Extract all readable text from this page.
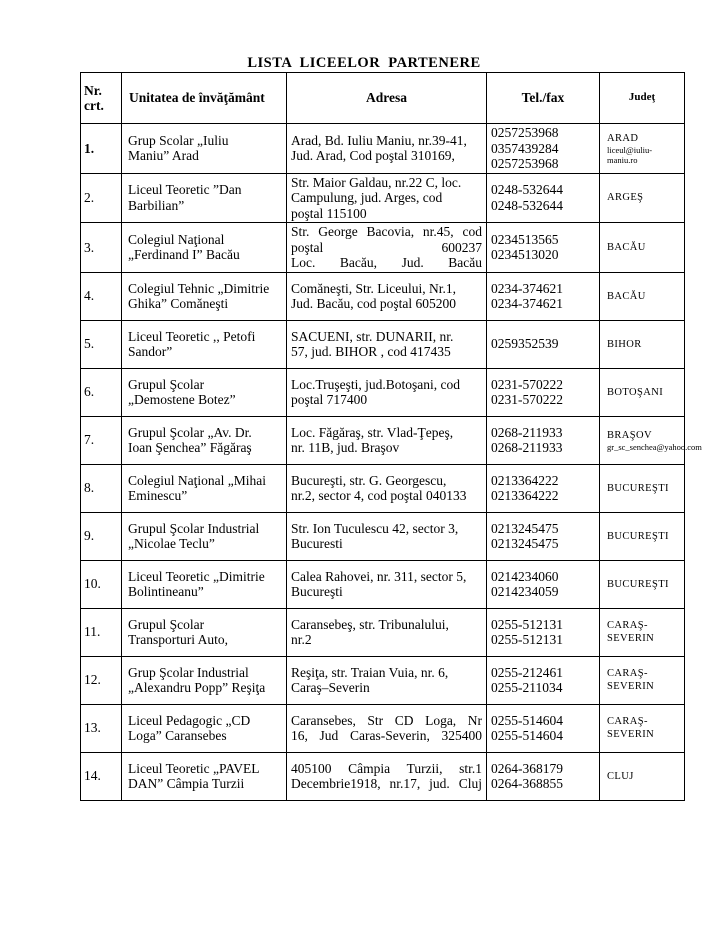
LISTA LICEELOR PARTENERE
Nr.
crt.	Unitatea de învăţământ	Adresa	Tel./fax	Judeţ
1.	Grup Scolar „Iuliu
Maniu” Arad	Arad, Bd. Iuliu Maniu, nr.39-41,
Jud. Arad, Cod poştal 310169,	0257253968
0357439284
0257253968	ARAD
liceul@iuliu-maniu.ro

2.	Liceul Teoretic ”Dan
Barbilian”	Str. Maior Galdau, nr.22 C, loc.
Campulung, jud. Arges, cod
poştal 115100	0248-532644
0248-532644	ARGEŞ

3.	Colegiul Naţional
„Ferdinand I” Bacău	Str. George Bacovia, nr.45, cod
poştal 600237
Loc. Bacău, Jud. Bacău	0234513565
0234513020	BACĂU

4.	Colegiul Tehnic „Dimitrie
Ghika” Comăneşti	Comăneşti, Str. Liceului, Nr.1,
Jud. Bacău, cod poştal 605200	0234-374621
0234-374621	BACĂU

5.	Liceul Teoretic ,, Petofi
Sandor”	SACUENI, str. DUNARII, nr.
57, jud. BIHOR , cod 417435	0259352539	BIHOR

6.	Grupul Şcolar
„Demostene Botez”	Loc.Truşeşti, jud.Botoşani, cod
poştal 717400	0231-570222
0231-570222	BOTOŞANI

7.	Grupul Şcolar „Av. Dr.
Ioan Şenchea” Făgăraş	Loc. Făgăraş, str. Vlad-Ţepeş,
nr. 11B, jud. Braşov	0268-211933
0268-211933	BRAŞOV
gr_sc_senchea@yahoo.com

8.	Colegiul Naţional „Mihai
Eminescu”	Bucureşti, str. G. Georgescu,
nr.2, sector 4, cod poştal 040133	0213364222
0213364222	BUCUREŞTI

9.	Grupul Şcolar Industrial
„Nicolae Teclu”	Str. Ion Tuculescu 42, sector 3,
Bucuresti	0213245475
0213245475	BUCUREŞTI

10.	Liceul Teoretic „Dimitrie
Bolintineanu”	Calea Rahovei, nr. 311, sector 5,
Bucureşti	0214234060
0214234059	BUCUREŞTI

11.	Grupul Şcolar
Transporturi Auto,	Caransebeş, str. Tribunalului,
nr.2	0255-512131
0255-512131	CARAŞ-SEVERIN

12.	Grup Şcolar Industrial
„Alexandru Popp” Reşiţa	Reşiţa, str. Traian Vuia, nr. 6,
Caraş–Severin	0255-212461
0255-211034	CARAŞ-SEVERIN

13.	Liceul Pedagogic „CD
Loga” Caransebes	Caransebes, Str CD Loga, Nr
16, Jud Caras-Severin, 325400	0255-514604
0255-514604	CARAŞ-SEVERIN

14.	Liceul Teoretic „PAVEL
DAN” Câmpia Turzii	405100 Câmpia Turzii, str.1
Decembrie1918, nr.17, jud. Cluj	0264-368179
0264-368855	CLUJ
